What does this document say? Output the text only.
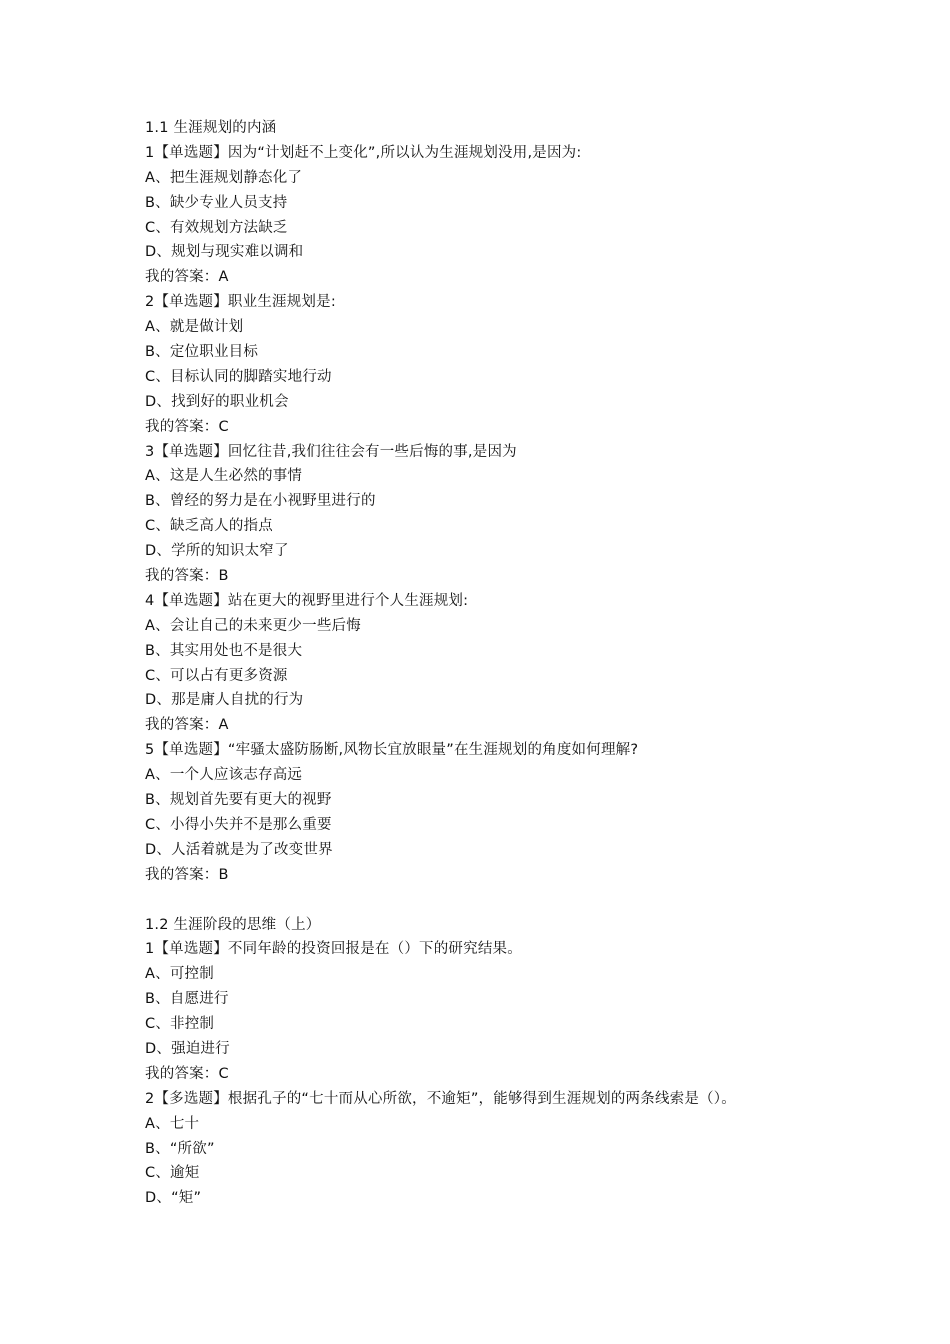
1.1 生涯规划的内涵
1【单选题】因为“计划赶不上变化”,所以认为生涯规划没用,是因为:
A、把生涯规划静态化了
B、缺少专业人员支持
C、有效规划方法缺乏
D、规划与现实难以调和
我的答案：A
2【单选题】职业生涯规划是:
A、就是做计划
B、定位职业目标
C、目标认同的脚踏实地行动
D、找到好的职业机会
我的答案：C
3【单选题】回忆往昔,我们往往会有一些后悔的事,是因为
A、这是人生必然的事情
B、曾经的努力是在小视野里进行的
C、缺乏高人的指点
D、学所的知识太窄了
我的答案：B
4【单选题】站在更大的视野里进行个人生涯规划:
A、会让自己的未来更少一些后悔
B、其实用处也不是很大
C、可以占有更多资源
D、那是庸人自扰的行为
我的答案：A
5【单选题】“牢骚太盛防肠断,风物长宜放眼量”在生涯规划的角度如何理解?
A、一个人应该志存高远
B、规划首先要有更大的视野
C、小得小失并不是那么重要
D、人活着就是为了改变世界
我的答案：B
1.2 生涯阶段的思维（上）
1【单选题】不同年龄的投资回报是在（）下的研究结果。
A、可控制
B、自愿进行
C、非控制
D、强迫进行
我的答案：C
2【多选题】根据孔子的“七十而从心所欲，不逾矩”，能够得到生涯规划的两条线索是（）。
A、七十
B、“所欲”
C、逾矩
D、“矩”
